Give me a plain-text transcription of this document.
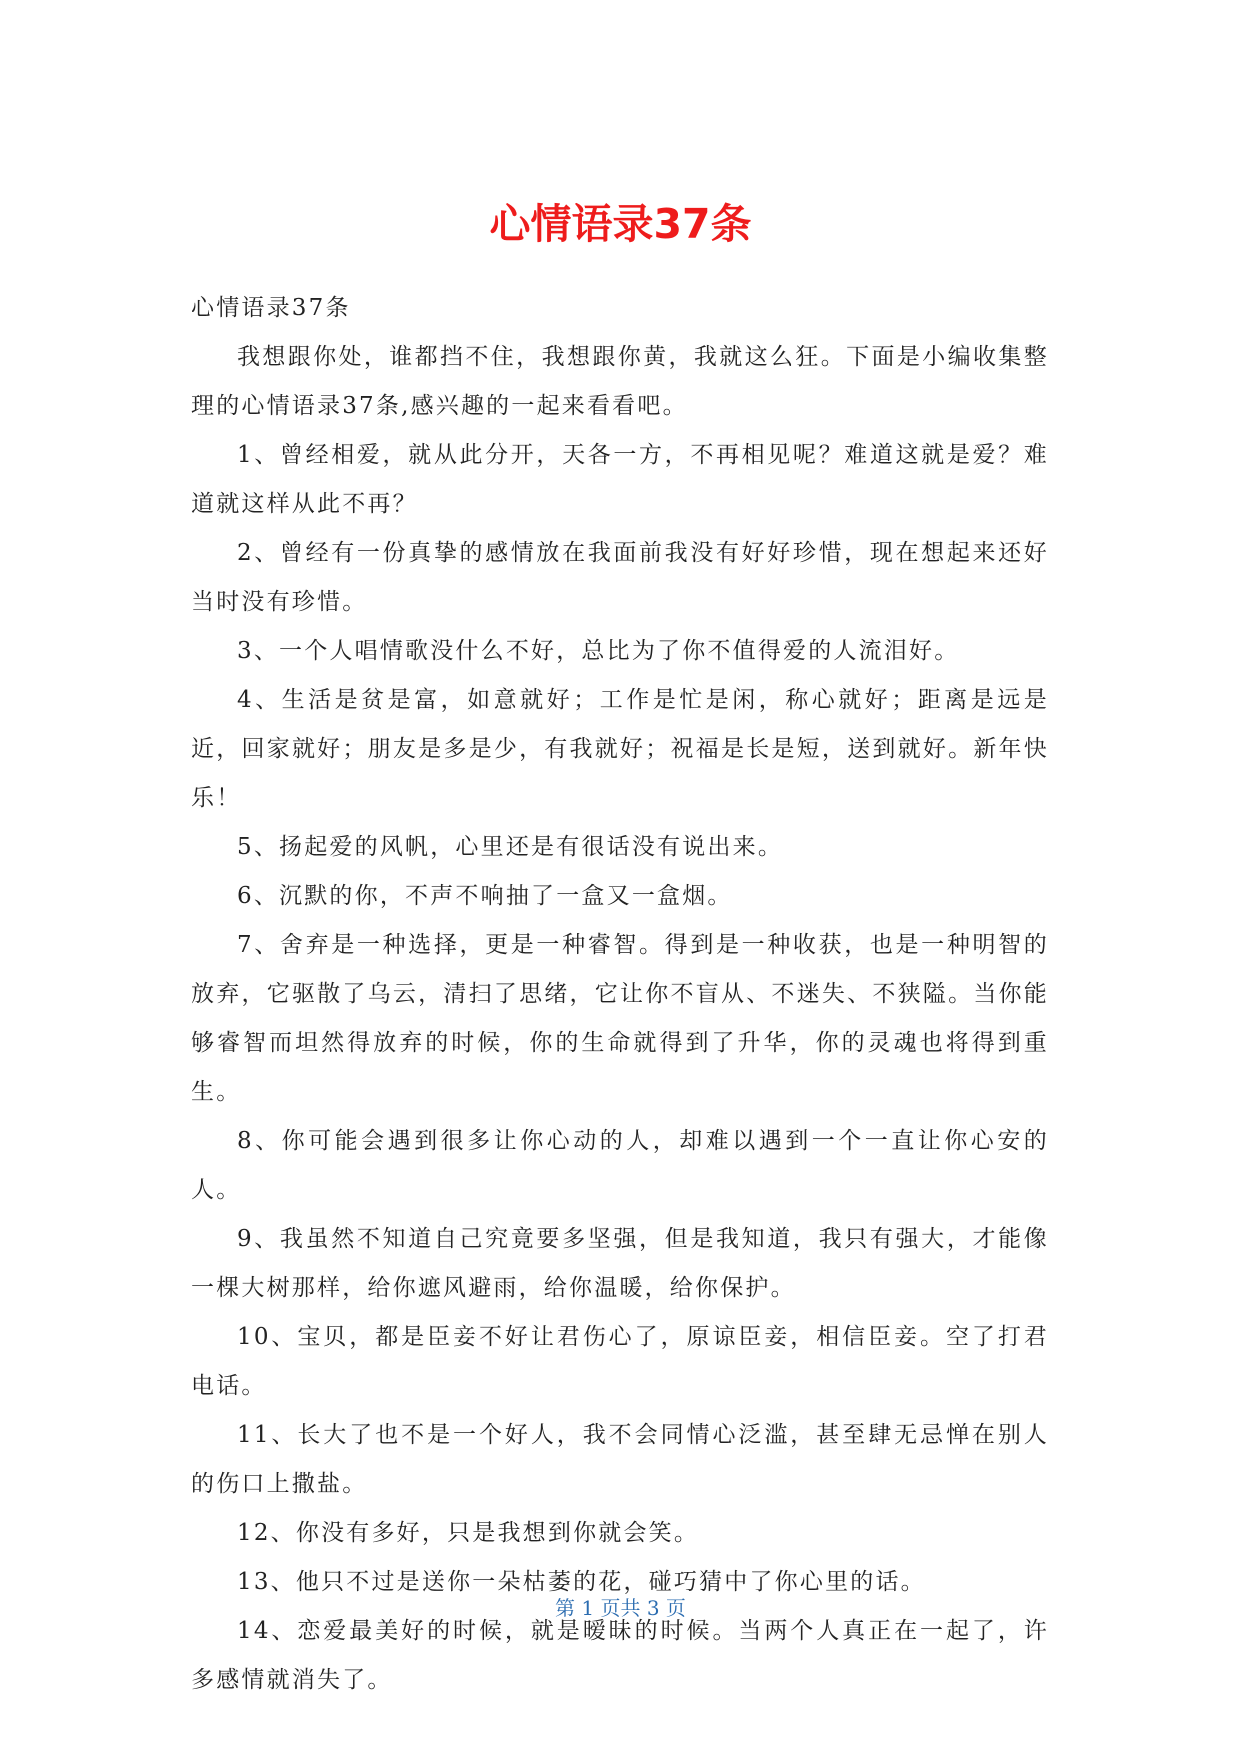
心情语录37条

心情语录37条

我想跟你处，谁都挡不住，我想跟你黄，我就这么狂。下面是小编收集整理的心情语录37条,感兴趣的一起来看看吧。

1、曾经相爱，就从此分开，天各一方，不再相见呢？难道这就是爱？难道就这样从此不再？

2、曾经有一份真挚的感情放在我面前我没有好好珍惜，现在想起来还好当时没有珍惜。

3、一个人唱情歌没什么不好，总比为了你不值得爱的人流泪好。

4、生活是贫是富，如意就好；工作是忙是闲，称心就好；距离是远是近，回家就好；朋友是多是少，有我就好；祝福是长是短，送到就好。新年快乐！

5、扬起爱的风帆，心里还是有很话没有说出来。

6、沉默的你，不声不响抽了一盒又一盒烟。

7、舍弃是一种选择，更是一种睿智。得到是一种收获，也是一种明智的放弃，它驱散了乌云，清扫了思绪，它让你不盲从、不迷失、不狭隘。当你能够睿智而坦然得放弃的时候，你的生命就得到了升华，你的灵魂也将得到重生。

8、你可能会遇到很多让你心动的人，却难以遇到一个一直让你心安的人。

9、我虽然不知道自己究竟要多坚强，但是我知道，我只有强大，才能像一棵大树那样，给你遮风避雨，给你温暖，给你保护。

10、宝贝，都是臣妾不好让君伤心了，原谅臣妾，相信臣妾。空了打君电话。

11、长大了也不是一个好人，我不会同情心泛滥，甚至肆无忌惮在别人的伤口上撒盐。

12、你没有多好，只是我想到你就会笑。

13、他只不过是送你一朵枯萎的花，碰巧猜中了你心里的话。

14、恋爱最美好的时候，就是暧昧的时候。当两个人真正在一起了，许多感情就消失了。

第 1 页共 3 页
